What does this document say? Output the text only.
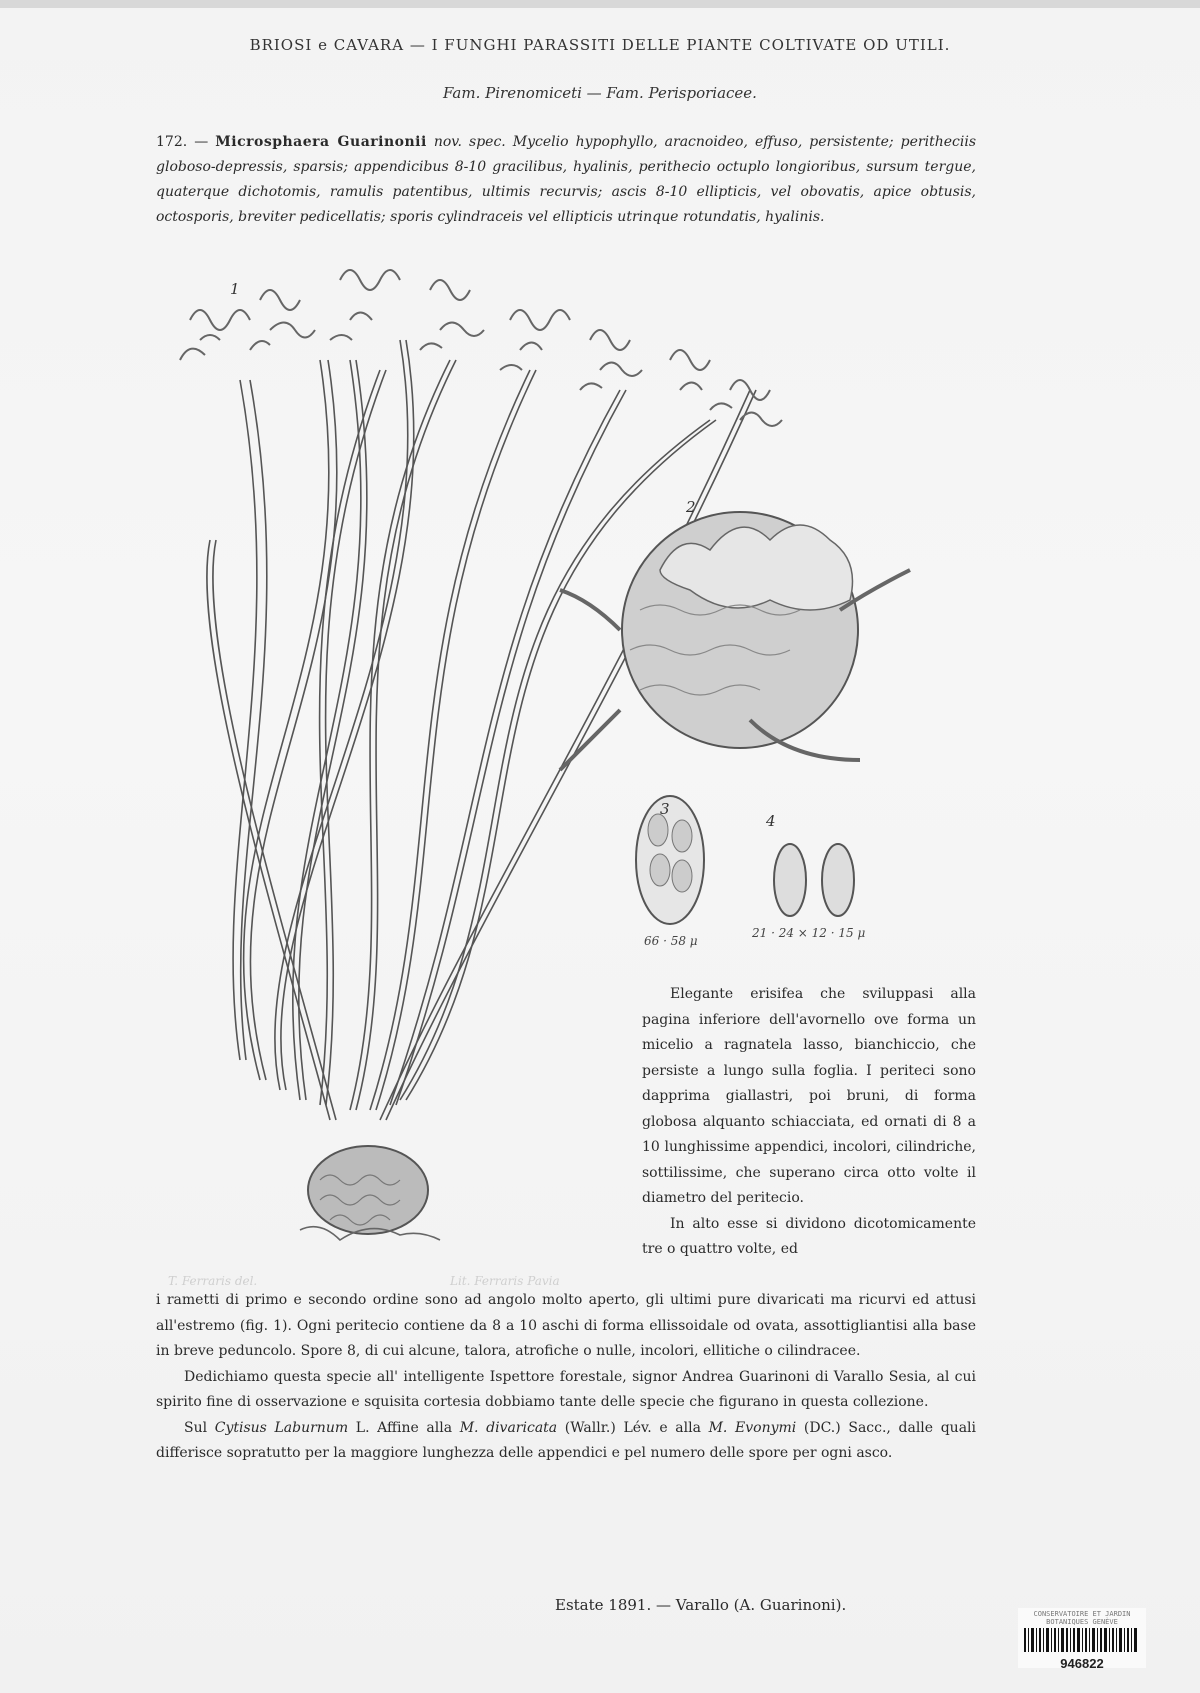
BRIOSI e CAVARA — I FUNGHI PARASSITI DELLE PIANTE COLTIVATE OD UTILI.
Fam. Pirenomiceti — Fam. Perisporiacee.
172. — Microsphaera Guarinonii nov. spec. Mycelio hypophyllo, aracnoideo, effuso, persistente; peritheciis globoso-depressis, sparsis; appendicibus 8-10 gracilibus, hyalinis, perithecio octuplo longioribus, sursum tergue, quaterque dichotomis, ramulis patentibus, ultimis recurvis; ascis 8-10 ellipticis, vel obovatis, apice obtusis, octosporis, breviter pedicellatis; sporis cylindraceis vel ellipticis utrinque rotundatis, hyalinis.
1
2
3
4
66 · 58 μ
21 · 24 × 12 · 15 μ
T. Ferraris del.	Lit. Ferraris Pavia

Elegante erisifea che sviluppasi alla pagina inferiore dell'avornello ove forma un micelio a ragnatela lasso, bianchiccio, che persiste a lungo sulla foglia. I periteci sono dapprima giallastri, poi bruni, di forma globosa alquanto schiacciata, ed ornati di 8 a 10 lunghissime appendici, incolori, cilindriche, sottilissime, che superano circa otto volte il diametro del peritecio.

In alto esse si dividono dicotomicamente tre o quattro volte, ed

i rametti di primo e secondo ordine sono ad angolo molto aperto, gli ultimi pure divaricati ma ricurvi ed attusi all'estremo (fig. 1). Ogni peritecio contiene da 8 a 10 aschi di forma ellissoidale od ovata, assottigliantisi alla base in breve peduncolo. Spore 8, di cui alcune, talora, atrofiche o nulle, incolori, ellitiche o cilindracee.

Dedichiamo questa specie all' intelligente Ispettore forestale, signor Andrea Guarinoni di Varallo Sesia, al cui spirito fine di osservazione e squisita cortesia dobbiamo tante delle specie che figurano in questa collezione.

Sul Cytisus Laburnum L. Affine alla M. divaricata (Wallr.) Lév. e alla M. Evonymi (DC.) Sacc., dalle quali differisce sopratutto per la maggiore lunghezza delle appendici e pel numero delle spore per ogni asco.

Estate 1891. — Varallo (A. Guarinoni).	CONSERVATOIRE ET JARDIN BOTANIQUES GENÈVE
946822
